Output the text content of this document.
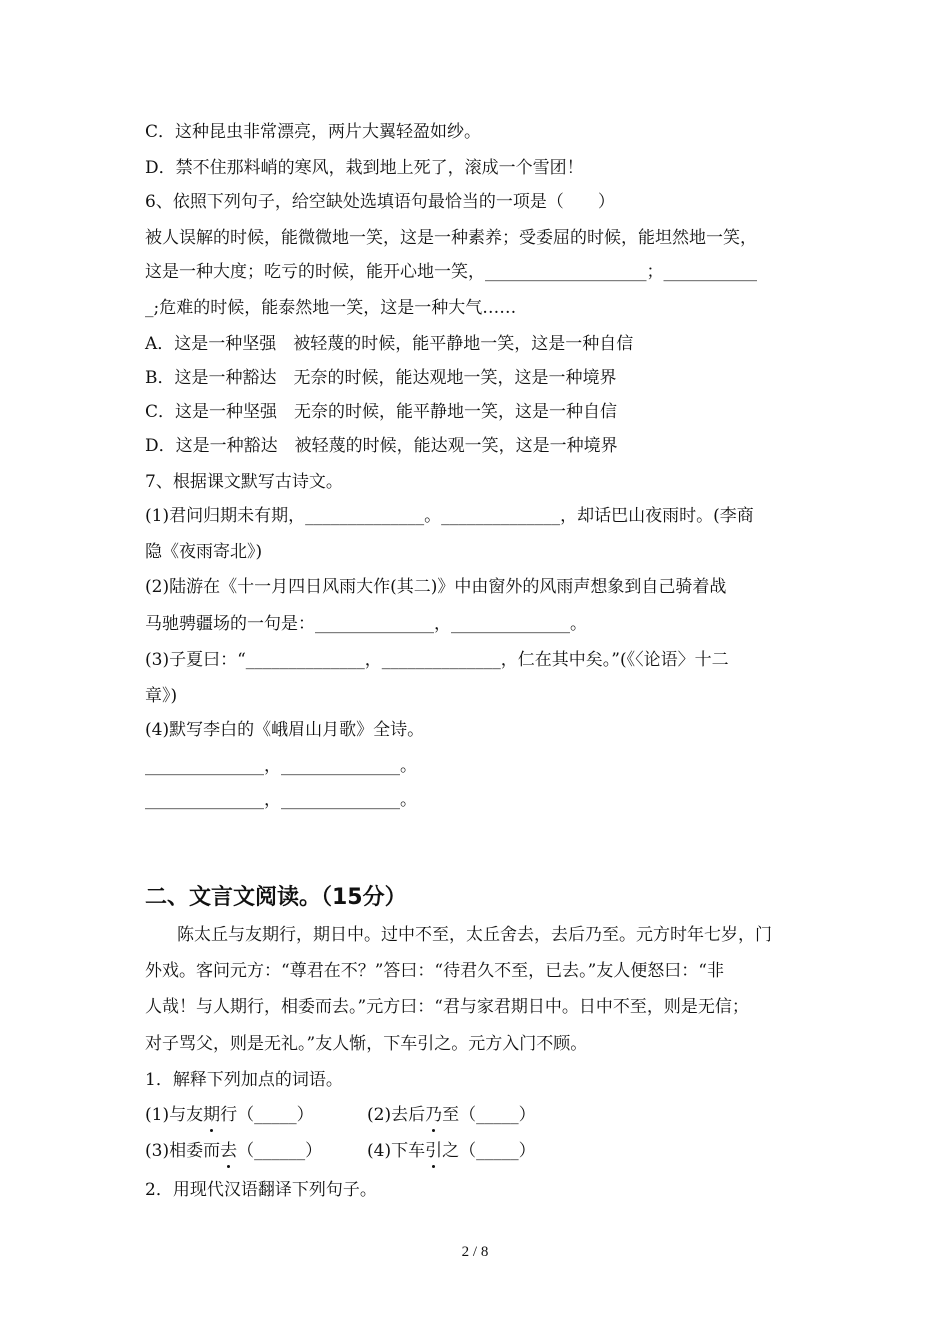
C．这种昆虫非常漂亮，两片大翼轻盈如纱。
D．禁不住那料峭的寒风，栽到地上死了，滚成一个雪团！
6、依照下列句子，给空缺处选填语句最恰当的一项是（　　）
被人误解的时候，能微微地一笑，这是一种素养；受委屈的时候，能坦然地一笑，
这是一种大度；吃亏的时候，能开心地一笑，___________________；___________
_;危难的时候，能泰然地一笑，这是一种大气……
A．这是一种坚强　被轻蔑的时候，能平静地一笑，这是一种自信
B．这是一种豁达　无奈的时候，能达观地一笑，这是一种境界
C．这是一种坚强　无奈的时候，能平静地一笑，这是一种自信
D．这是一种豁达　被轻蔑的时候，能达观一笑，这是一种境界
7、根据课文默写古诗文。
(1)君问归期未有期，______________。______________，却话巴山夜雨时。(李商
隐《夜雨寄北》)
(2)陆游在《十一月四日风雨大作(其二)》中由窗外的风雨声想象到自己骑着战
马驰骋疆场的一句是：______________，______________。
(3)子夏曰：“______________，______________，仁在其中矣。”(《〈论语〉十二
章》)
(4)默写李白的《峨眉山月歌》全诗。
______________，______________。
______________，______________。
二、文言文阅读。（15分）
陈太丘与友期行，期日中。过中不至，太丘舍去，去后乃至。元方时年七岁，门
外戏。客问元方：“尊君在不？”答曰：“待君久不至，已去。”友人便怒曰：“非
人哉！与人期行，相委而去。”元方曰：“君与家君期日中。日中不至，则是无信；
对子骂父，则是无礼。”友人惭，下车引之。元方入门不顾。
1．解释下列加点的词语。
(1)与友期行（_____）	(2)去后乃至（_____）
(3)相委而去（______）	(4)下车引之（_____）
2．用现代汉语翻译下列句子。
2 / 8
